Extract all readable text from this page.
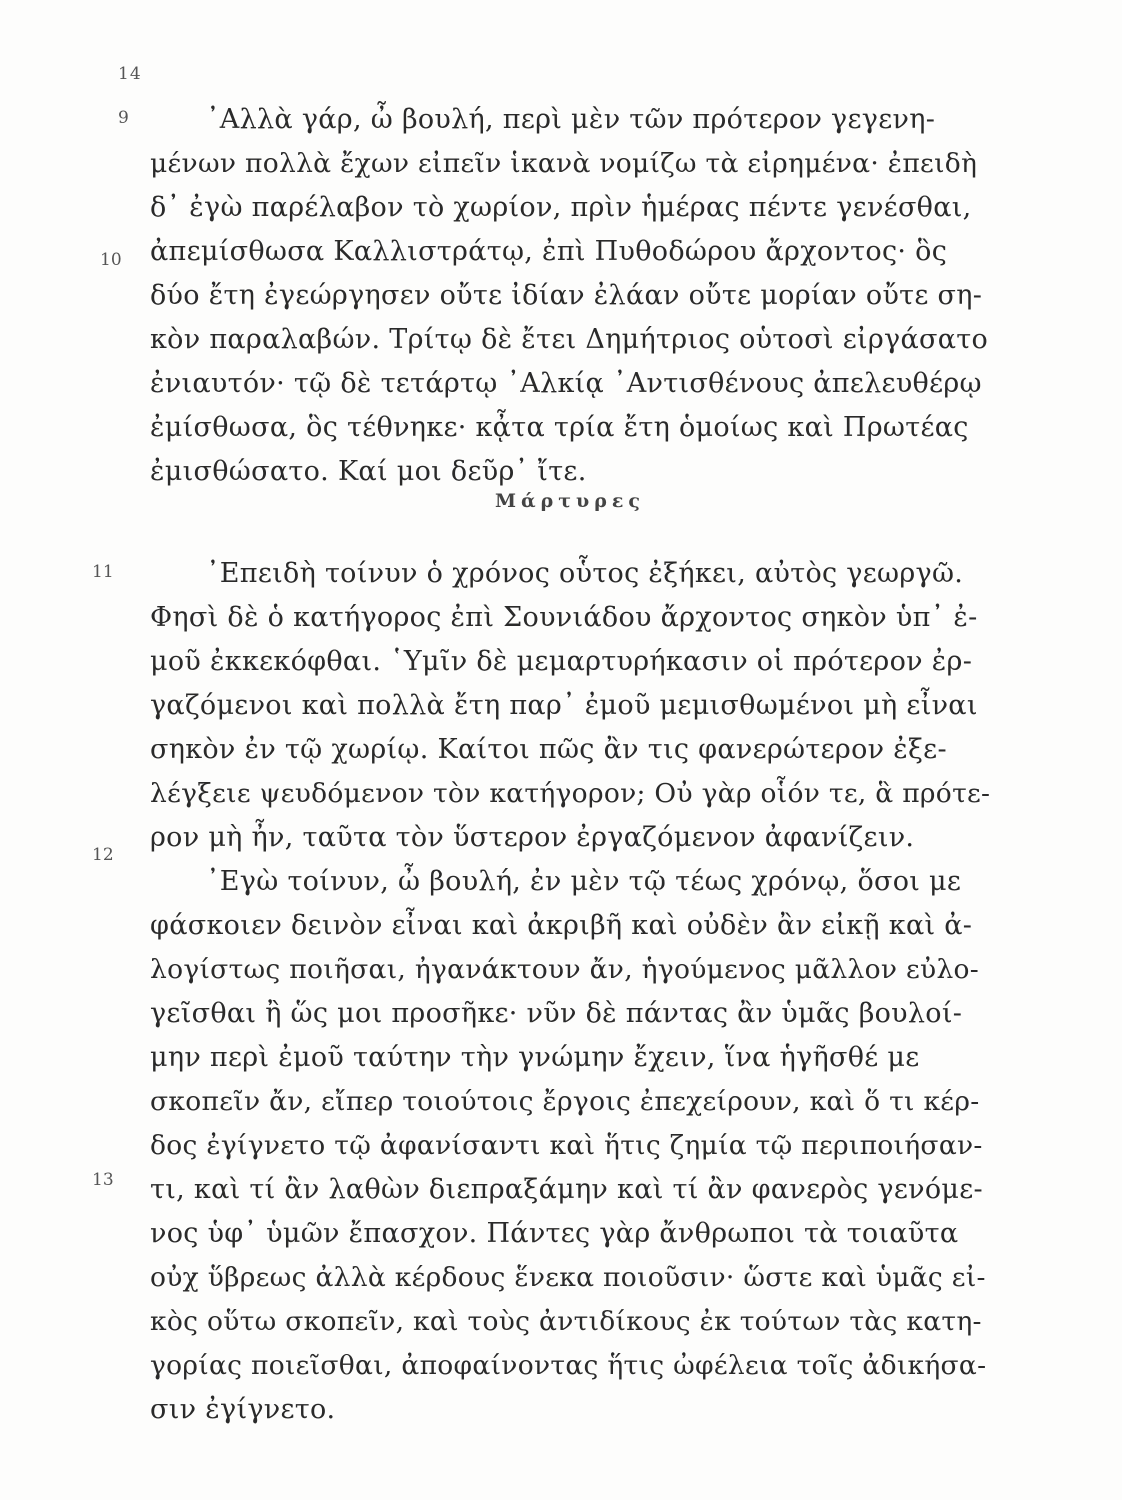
14
9
10
11
12
13
᾿Αλλὰ γάρ, ὦ βουλή, περὶ μὲν τῶν πρότερον γεγενη-
μένων πολλὰ ἔχων εἰπεῖν ἱκανὰ νομίζω τὰ εἰρημένα· ἐπειδὴ
δ᾿ ἐγὼ παρέλαβον τὸ χωρίον, πρὶν ἡμέρας πέντε γενέσθαι,
ἀπεμίσθωσα Καλλιστράτῳ, ἐπὶ Πυθοδώρου ἄρχοντος· ὃς
δύο ἔτη ἐγεώργησεν οὔτε ἰδίαν ἐλάαν οὔτε μορίαν οὔτε ση-
κὸν παραλαβών. Τρίτῳ δὲ ἔτει Δημήτριος οὑτοσὶ εἰργάσατο
ἐνιαυτόν· τῷ δὲ τετάρτῳ ᾿Αλκίᾳ ᾿Αντισθένους ἀπελευθέρῳ
ἐμίσθωσα, ὃς τέθνηκε· κᾆτα τρία ἔτη ὁμοίως καὶ Πρωτέας
ἐμισθώσατο. Καί μοι δεῦρ᾿ ἴτε.
Μάρτυρες
᾿Επειδὴ τοίνυν ὁ χρόνος οὗτος ἐξήκει, αὐτὸς γεωργῶ.
Φησὶ δὲ ὁ κατήγορος ἐπὶ Σουνιάδου ἄρχοντος σηκὸν ὑπ᾿ ἐ-
μοῦ ἐκκεκόφθαι. ῾Υμῖν δὲ μεμαρτυρήκασιν οἱ πρότερον ἐρ-
γαζόμενοι καὶ πολλὰ ἔτη παρ᾿ ἐμοῦ μεμισθωμένοι μὴ εἶναι
σηκὸν ἐν τῷ χωρίῳ. Καίτοι πῶς ἂν τις φανερώτερον ἐξε-
λέγξειε ψευδόμενον τὸν κατήγορον; Οὐ γὰρ οἷόν τε, ἃ πρότε-
ρον μὴ ἦν, ταῦτα τὸν ὕστερον ἐργαζόμενον ἀφανίζειν.
᾿Εγὼ τοίνυν, ὦ βουλή, ἐν μὲν τῷ τέως χρόνῳ, ὅσοι με
φάσκοιεν δεινὸν εἶναι καὶ ἀκριβῆ καὶ οὐδὲν ἂν εἰκῇ καὶ ἀ-
λογίστως ποιῆσαι, ἠγανάκτουν ἄν, ἡγούμενος μᾶλλον εὐλο-
γεῖσθαι ἢ ὥς μοι προσῆκε· νῦν δὲ πάντας ἂν ὑμᾶς βουλοί-
μην περὶ ἐμοῦ ταύτην τὴν γνώμην ἔχειν, ἵνα ἡγῆσθέ με
σκοπεῖν ἄν, εἴπερ τοιούτοις ἔργοις ἐπεχείρουν, καὶ ὅ τι κέρ-
δος ἐγίγνετο τῷ ἀφανίσαντι καὶ ἥτις ζημία τῷ περιποιήσαν-
τι, καὶ τί ἂν λαθὼν διεπραξάμην καὶ τί ἂν φανερὸς γενόμε-
νος ὑφ᾿ ὑμῶν ἔπασχον. Πάντες γὰρ ἄνθρωποι τὰ τοιαῦτα
οὐχ ὕβρεως ἀλλὰ κέρδους ἕνεκα ποιοῦσιν· ὥστε καὶ ὑμᾶς εἰ-
κὸς οὕτω σκοπεῖν, καὶ τοὺς ἀντιδίκους ἐκ τούτων τὰς κατη-
γορίας ποιεῖσθαι, ἀποφαίνοντας ἥτις ὠφέλεια τοῖς ἀδικήσα-
σιν ἐγίγνετο.
